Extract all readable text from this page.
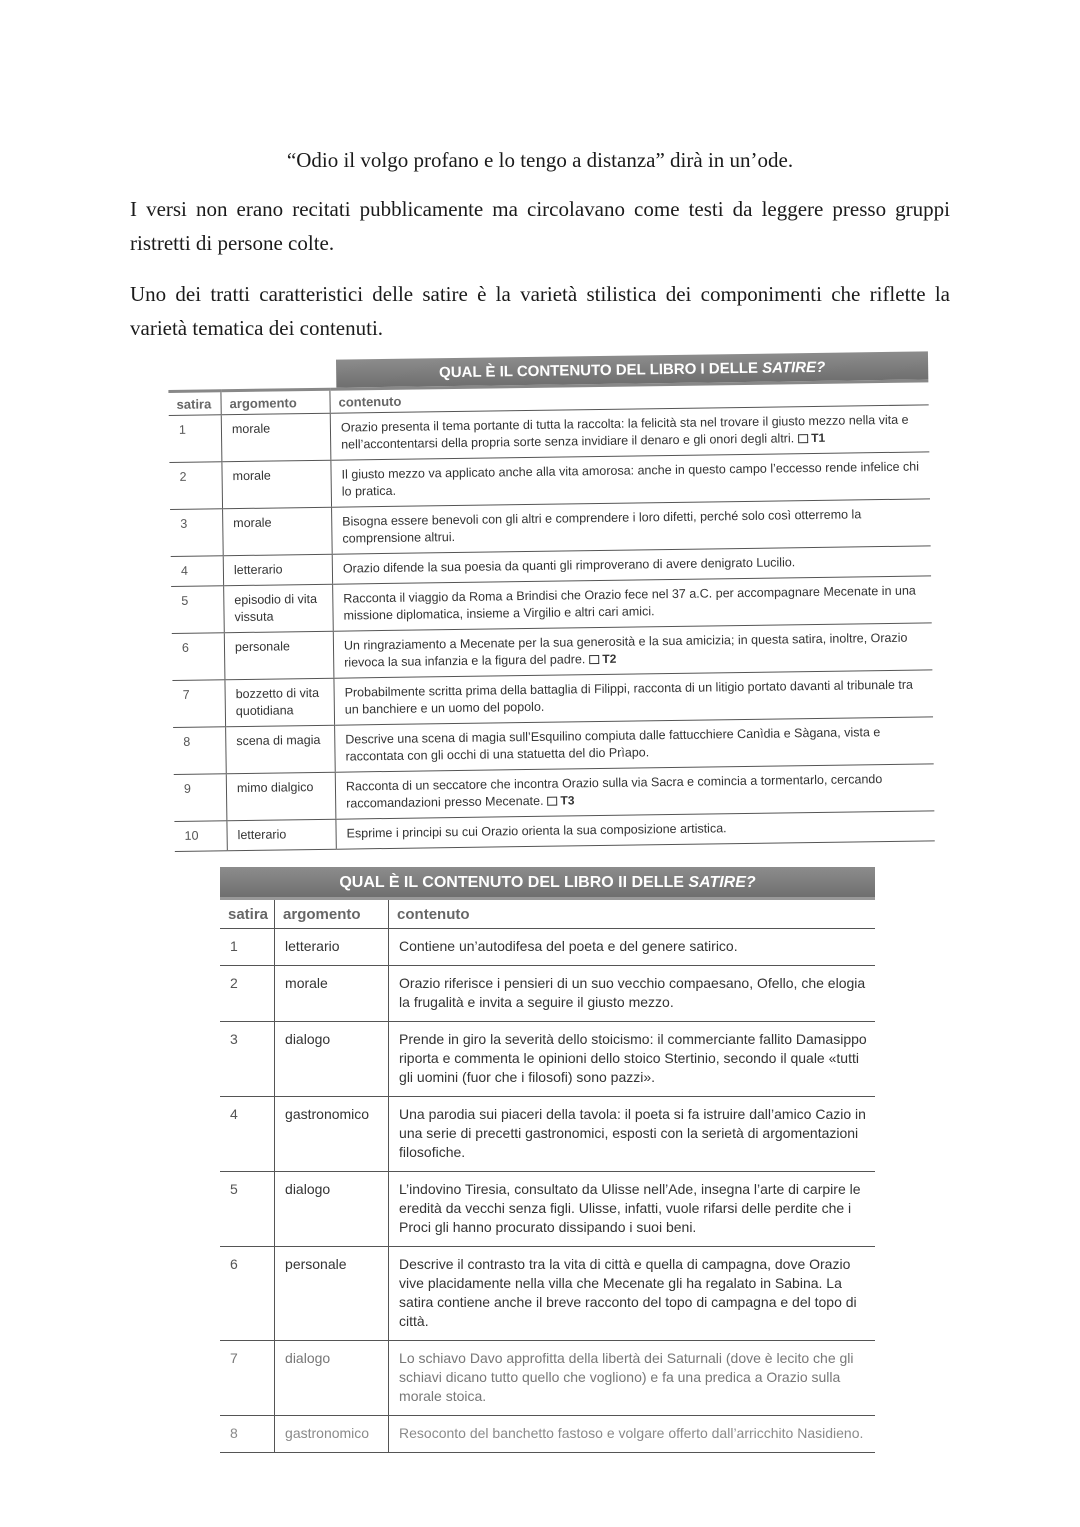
“Odio il volgo profano e lo tengo a distanza” dirà in un’ode.
I versi non erano recitati pubblicamente ma circolavano come testi da leggere presso gruppi ristretti di persone colte.
Uno dei tratti caratteristici delle satire è la varietà stilistica dei componimenti che riflette la varietà tematica dei contenuti.
QUAL È IL CONTENUTO DEL LIBRO I DELLE SATIRE?
satira	argomento	contenuto
1	morale	Orazio presenta il tema portante di tutta la raccolta: la felicità sta nel trovare il giusto mezzo nella vita e nell’accontentarsi della propria sorte senza invidiare il denaro e gli onori degli altri. T1
2	morale	Il giusto mezzo va applicato anche alla vita amorosa: anche in questo campo l’eccesso rende infelice chi lo pratica.
3	morale	Bisogna essere benevoli con gli altri e comprendere i loro difetti, perché solo così otterremo la comprensione altrui.
4	letterario	Orazio difende la sua poesia da quanti gli rimproverano di avere denigrato Lucilio.
5	episodio di vita vissuta	Racconta il viaggio da Roma a Brindisi che Orazio fece nel 37 a.C. per accompagnare Mecenate in una missione diplomatica, insieme a Virgilio e altri cari amici.
6	personale	Un ringraziamento a Mecenate per la sua generosità e la sua amicizia; in questa satira, inoltre, Orazio rievoca la sua infanzia e la figura del padre. T2
7	bozzetto di vita quotidiana	Probabilmente scritta prima della battaglia di Filippi, racconta di un litigio portato davanti al tribunale tra un banchiere e un uomo del popolo.
8	scena di magia	Descrive una scena di magia sull’Esquilino compiuta dalle fattucchiere Canìdia e Sàgana, vista e raccontata con gli occhi di una statuetta del dio Prìapo.
9	mimo dialgico	Racconta di un seccatore che incontra Orazio sulla via Sacra e comincia a tormentarlo, cercando raccomandazioni presso Mecenate. T3
10	letterario	Esprime i principi su cui Orazio orienta la sua composizione artistica.
QUAL È IL CONTENUTO DEL LIBRO II DELLE SATIRE?
satira	argomento	contenuto
1	letterario	Contiene un’autodifesa del poeta e del genere satirico.
2	morale	Orazio riferisce i pensieri di un suo vecchio compaesano, Ofello, che elogia la frugalità e invita a seguire il giusto mezzo.
3	dialogo	Prende in giro la severità dello stoicismo: il commerciante fallito Damasippo riporta e commenta le opinioni dello stoico Stertinio, secondo il quale «tutti gli uomini (fuor che i filosofi) sono pazzi».
4	gastronomico	Una parodia sui piaceri della tavola: il poeta si fa istruire dall’amico Cazio in una serie di precetti gastronomici, esposti con la serietà di argomentazioni filosofiche.
5	dialogo	L’indovino Tiresia, consultato da Ulisse nell’Ade, insegna l’arte di carpire le eredità da vecchi senza figli. Ulisse, infatti, vuole rifarsi delle perdite che i Proci gli hanno procurato dissipando i suoi beni.
6	personale	Descrive il contrasto tra la vita di città e quella di campagna, dove Orazio vive placidamente nella villa che Mecenate gli ha regalato in Sabina. La satira contiene anche il breve racconto del topo di campagna e del topo di città.
7	dialogo	Lo schiavo Davo approfitta della libertà dei Saturnali (dove è lecito che gli schiavi dicano tutto quello che vogliono) e fa una predica a Orazio sulla morale stoica.
8	gastronomico	Resoconto del banchetto fastoso e volgare offerto dall’arricchito Nasidieno.
